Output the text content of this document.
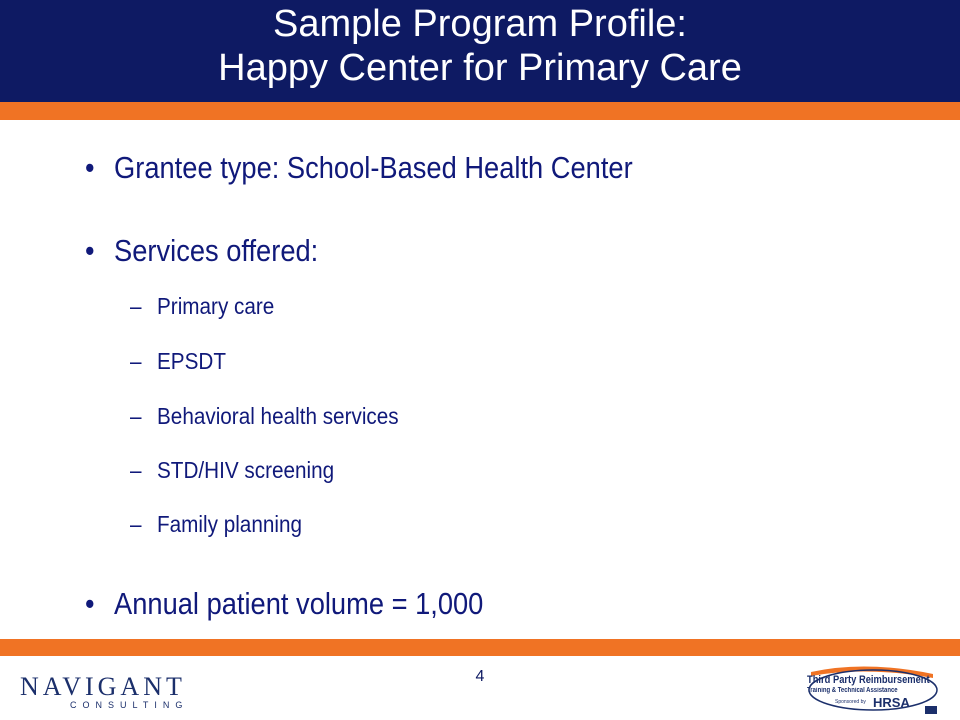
Sample Program Profile:
Happy Center for Primary Care
• Grantee type: School-Based Health Center
• Services offered:
– Primary care
– EPSDT
– Behavioral health services
– STD/HIV screening
– Family planning
• Annual patient volume = 1,000
4
NAVIGANT
CONSULTING
Third Party Reimbursement
Training & Technical Assistance
Sponsored by HRSA
